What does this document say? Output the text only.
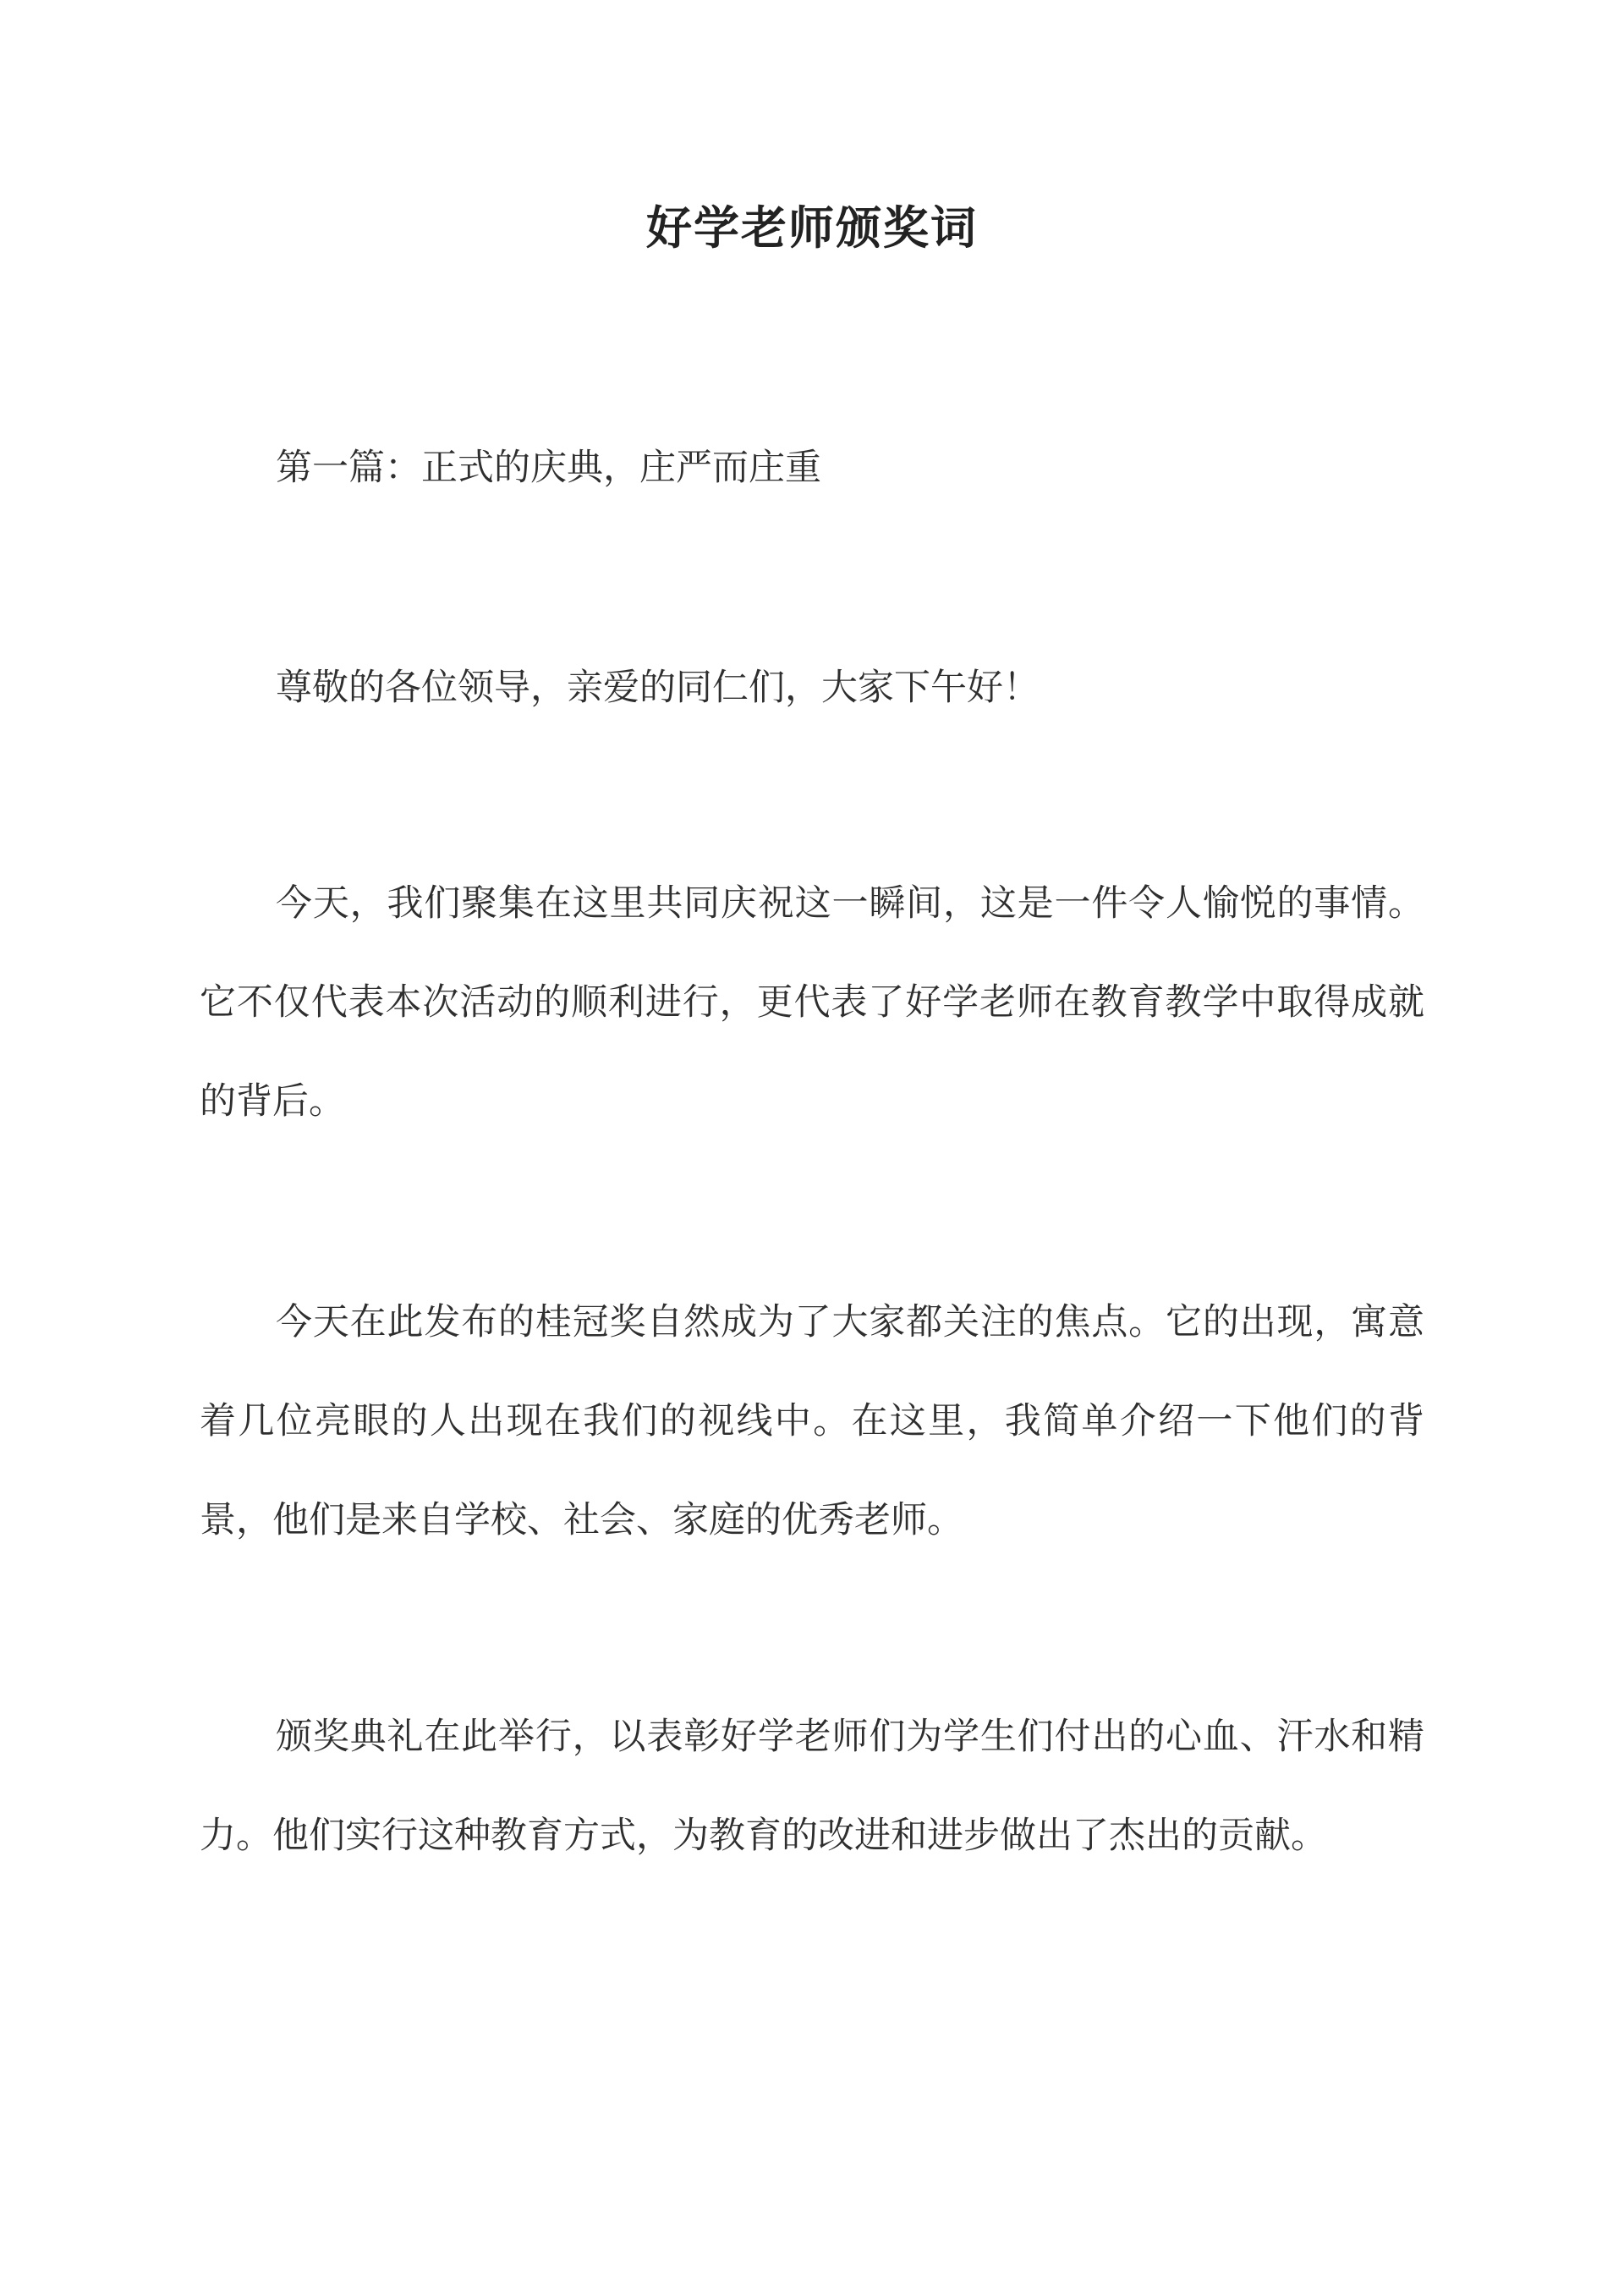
好学老师颁奖词

第一篇：正式的庆典，庄严而庄重

尊敬的各位领导，亲爱的同仁们，大家下午好！

今天，我们聚集在这里共同庆祝这一瞬间，这是一件令人愉悦的事情。它不仅代表本次活动的顺利进行，更代表了好学老师在教育教学中取得成就的背后。

今天在此发布的桂冠奖自然成为了大家都关注的焦点。它的出现，寓意着几位亮眼的人出现在我们的视线中。在这里，我简单介绍一下他们的背景，他们是来自学校、社会、家庭的优秀老师。

颁奖典礼在此举行，以表彰好学老师们为学生们付出的心血、汗水和精力。他们实行这种教育方式，为教育的改进和进步做出了杰出的贡献。
